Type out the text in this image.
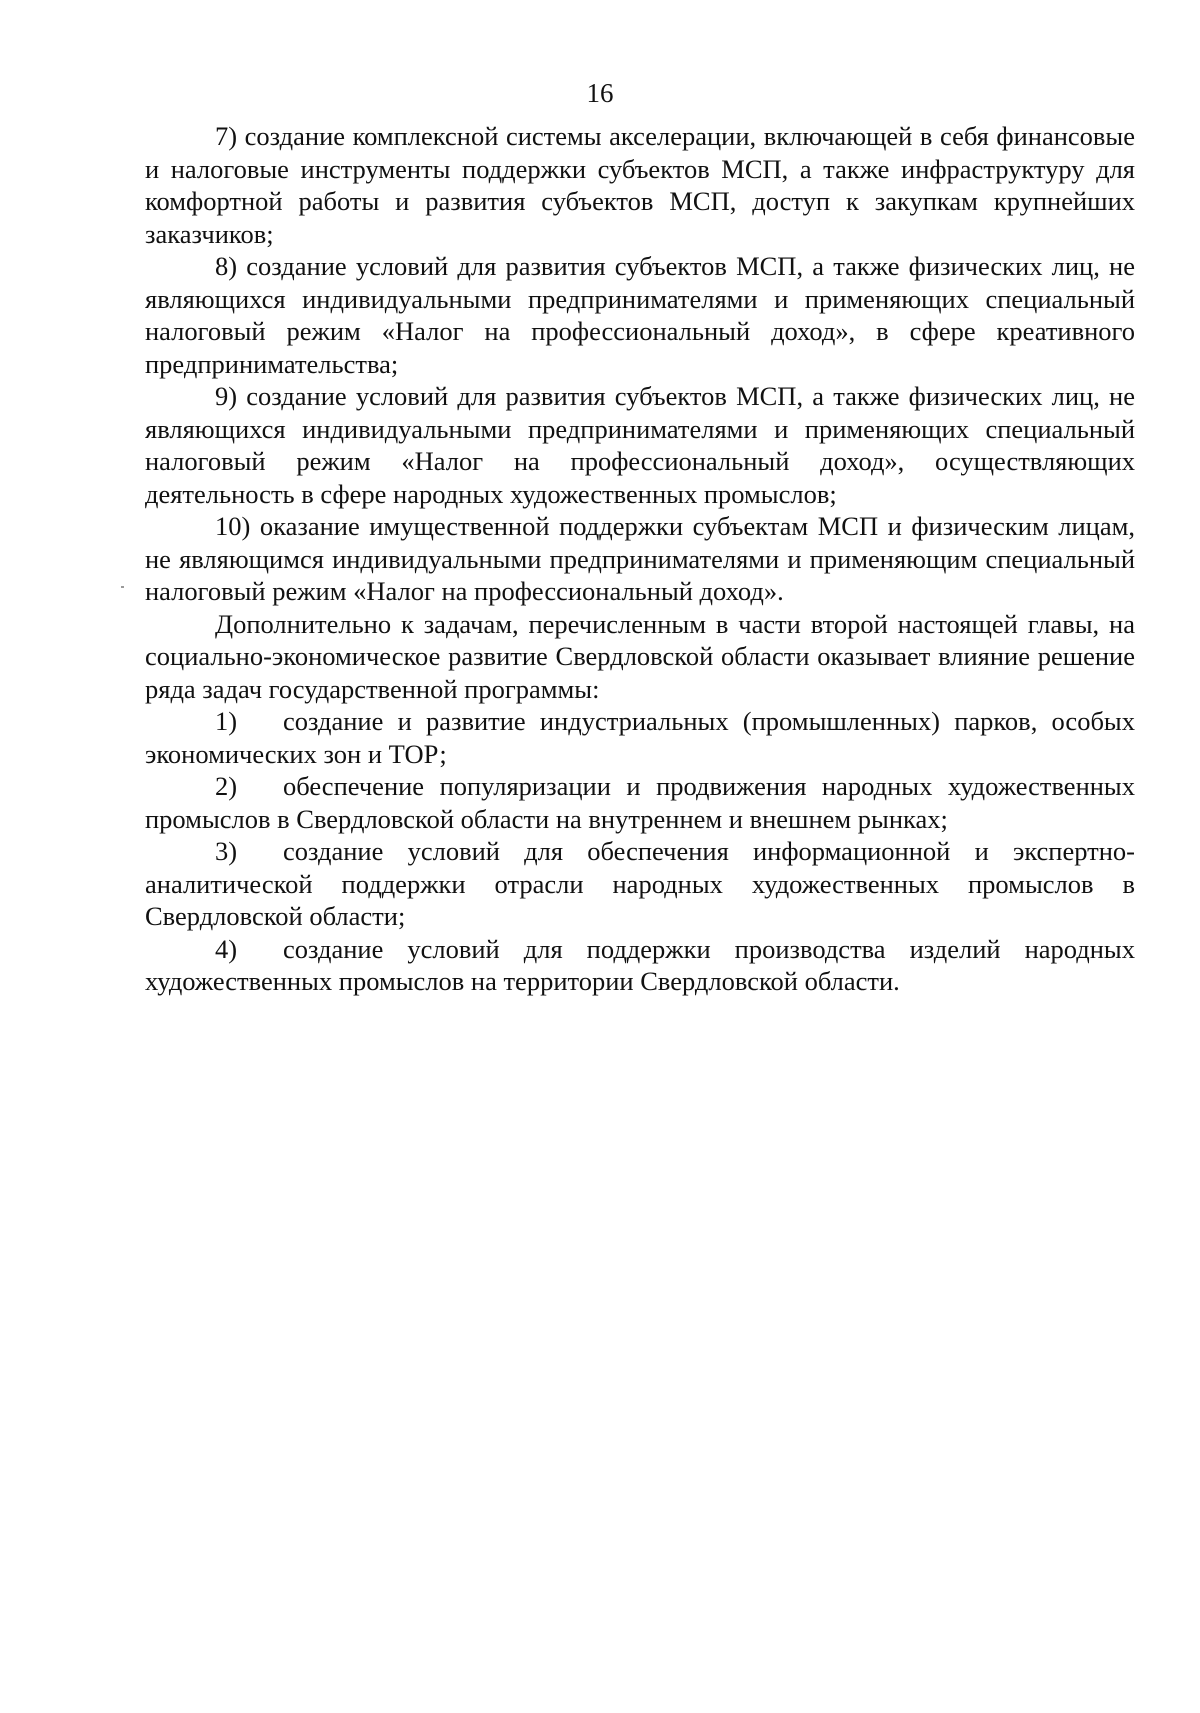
16

7) создание комплексной системы акселерации, включающей в себя финансовые и налоговые инструменты поддержки субъектов МСП, а также инфраструктуру для комфортной работы и развития субъектов МСП, доступ к закупкам крупнейших заказчиков;

8) создание условий для развития субъектов МСП, а также физических лиц, не являющихся индивидуальными предпринимателями и применяющих специальный налоговый режим «Налог на профессиональный доход», в сфере креативного предпринимательства;

9) создание условий для развития субъектов МСП, а также физических лиц, не являющихся индивидуальными предпринимателями и применяющих специальный налоговый режим «Налог на профессиональный доход», осуществляющих деятельность в сфере народных художественных промыслов;

10) оказание имущественной поддержки субъектам МСП и физическим лицам, не являющимся индивидуальными предпринимателями и применяющим специальный налоговый режим «Налог на профессиональный доход».

Дополнительно к задачам, перечисленным в части второй настоящей главы, на социально-экономическое развитие Свердловской области оказывает влияние решение ряда задач государственной программы:

1) создание и развитие индустриальных (промышленных) парков, особых экономических зон и ТОР;

2) обеспечение популяризации и продвижения народных художественных промыслов в Свердловской области на внутреннем и внешнем рынках;

3) создание условий для обеспечения информационной и экспертно-аналитической поддержки отрасли народных художественных промыслов в Свердловской области;

4) создание условий для поддержки производства изделий народных художественных промыслов на территории Свердловской области.
